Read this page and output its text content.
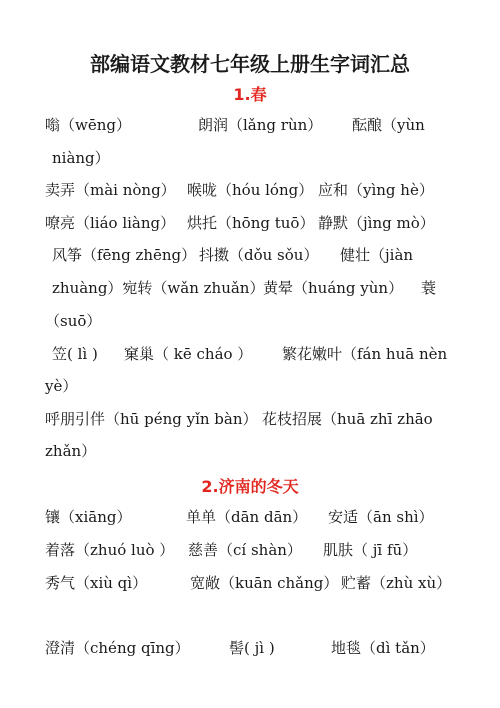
部编语文教材七年级上册生字词汇总
1.春
嗡（wēng）	朗润（lǎng rùn） 酝酿（yùn
niàng）
卖弄（mài nòng） 喉咙（hóu lóng） 应和（yìng hè）
嘹亮（liáo liàng） 烘托（hōng tuō） 静默（jìng mò）
风筝（fēng zhēng） 抖擞（dǒu sǒu） 健壮（jiàn
zhuàng）宛转（wǎn zhuǎn）
黄晕（huáng yùn） 蓑
（suō）
笠( lì ) 窠巢（ kē cháo ） 繁花嫩叶（fán huā nèn
yè）
呼朋引伴（hū péng yǐn bàn） 花枝招展（huā zhī zhāo
zhǎn）
2.济南的冬天
镶（xiāng）	单单（dān dān） 安适（ān shì）
着落（zhuó luò ） 慈善（cí shàn） 肌肤（ jī fū）
秀气（xiù qì）	宽敞（kuān chǎng） 贮蓄（zhù xù）
澄清（chéng qīng）	髻( jì )	地毯（dì tǎn）
